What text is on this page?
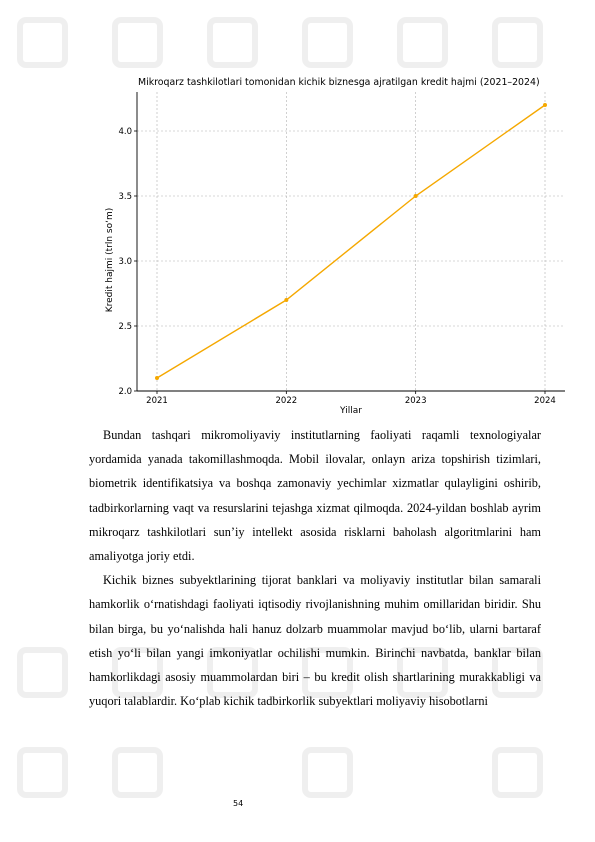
Mikroqarz tashkilotlari tomonidan kichik biznesga ajratilgan kredit hajmi (2021–2024)
2.0
2.5
3.0
3.5
4.0
2021	2022	2023	2024
Yillar
Kredit hajmi (trln so‘m)

Bundan tashqari mikromoliyaviy institutlarning faoliyati raqamli texnologiyalar yordamida yanada takomillashmoqda. Mobil ilovalar, onlayn ariza topshirish tizimlari, biometrik identifikatsiya va boshqa zamonaviy yechimlar xizmatlar qulayligini oshirib, tadbirkorlarning vaqt va resurslarini tejashga xizmat qilmoqda. 2024-yildan boshlab ayrim mikroqarz tashkilotlari sun’iy intellekt asosida risklarni baholash algoritmlarini ham amaliyotga joriy etdi.

Kichik biznes subyektlarining tijorat banklari va moliyaviy institutlar bilan samarali hamkorlik o‘rnatishdagi faoliyati iqtisodiy rivojlanishning muhim omillaridan biridir. Shu bilan birga, bu yo‘nalishda hali hanuz dolzarb muammolar mavjud bo‘lib, ularni bartaraf etish yo‘li bilan yangi imkoniyatlar ochilishi mumkin. Birinchi navbatda, banklar bilan hamkorlikdagi asosiy muammolardan biri – bu kredit olish shartlarining murakkabligi va yuqori talablardir. Ko‘plab kichik tadbirkorlik subyektlari moliyaviy hisobotlarni

54
